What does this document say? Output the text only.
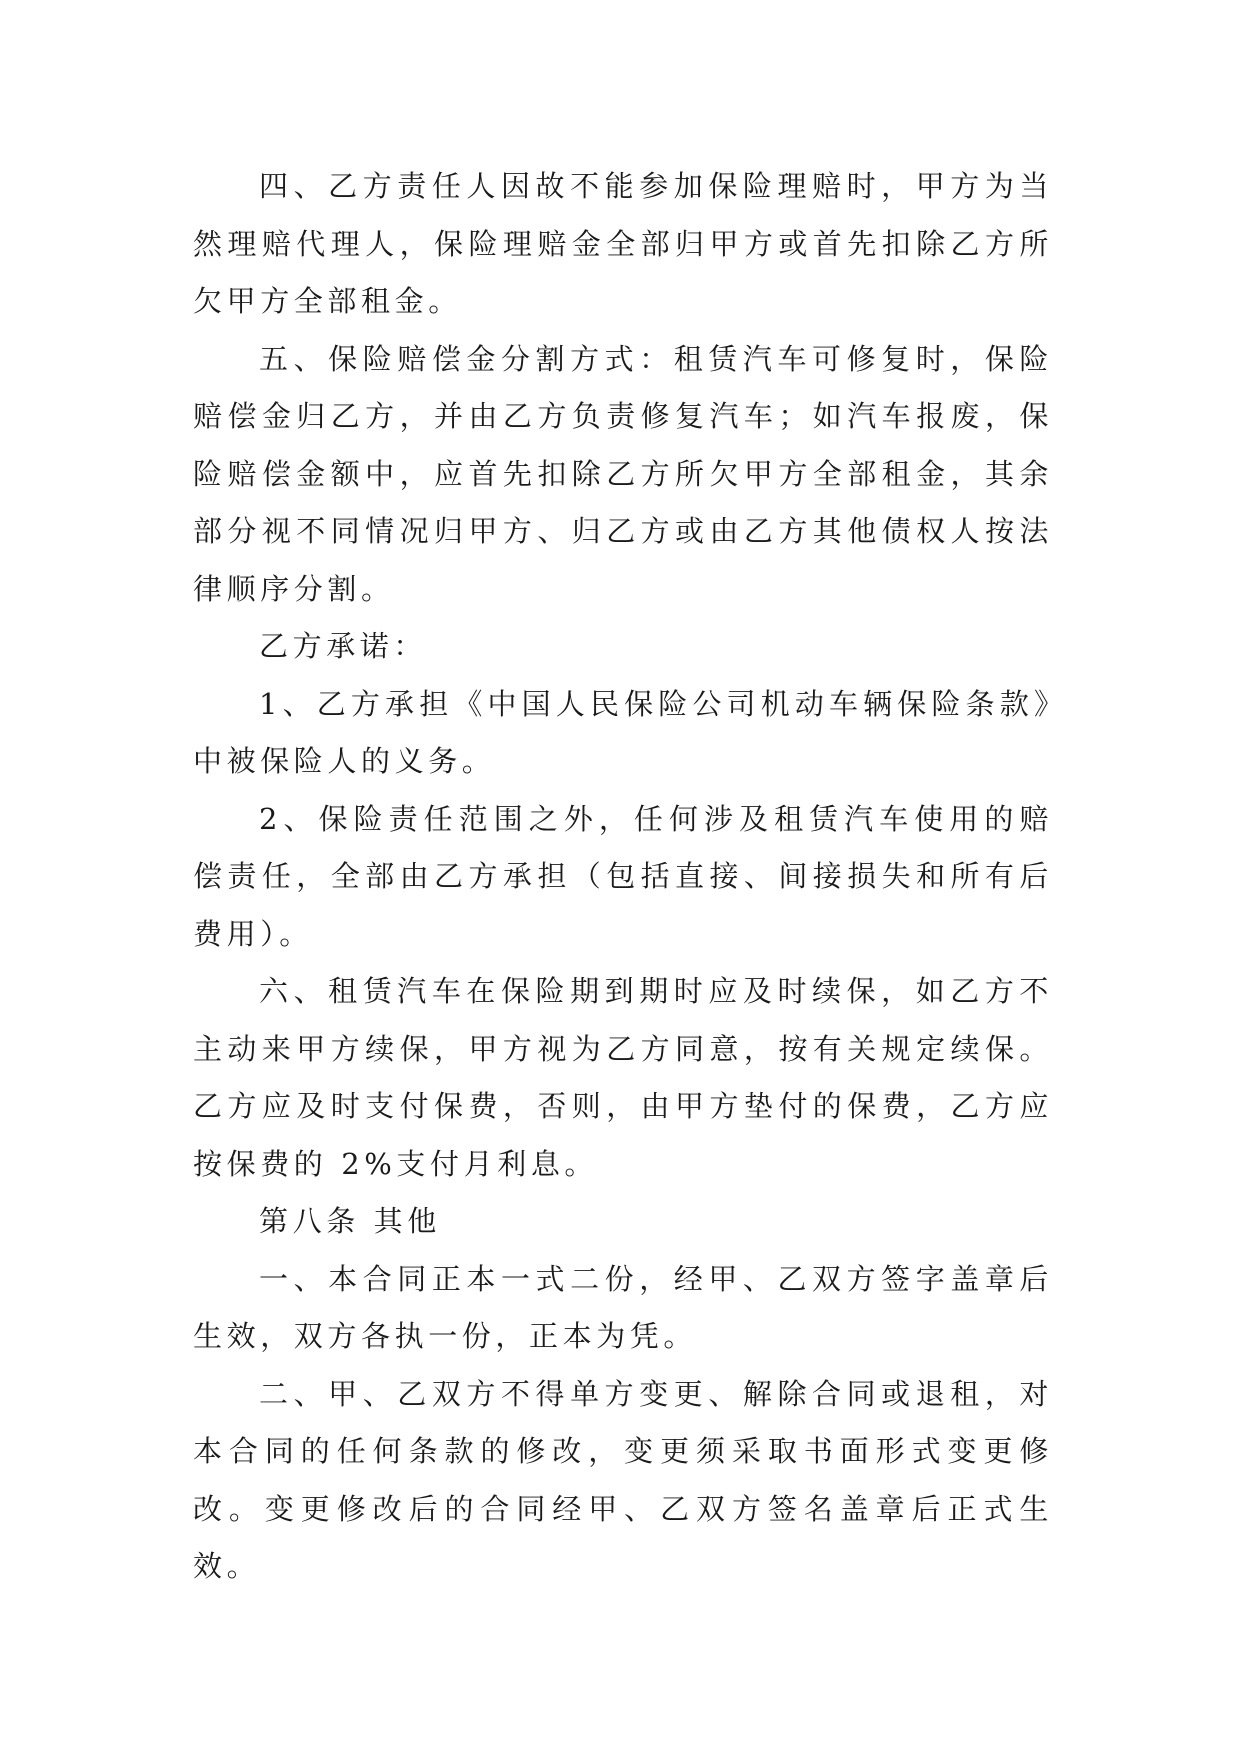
四、乙方责任人因故不能参加保险理赔时，甲方为当然理赔代理人，保险理赔金全部归甲方或首先扣除乙方所欠甲方全部租金。

五、保险赔偿金分割方式：租赁汽车可修复时，保险赔偿金归乙方，并由乙方负责修复汽车；如汽车报废，保险赔偿金额中，应首先扣除乙方所欠甲方全部租金，其余部分视不同情况归甲方、归乙方或由乙方其他债权人按法律顺序分割。

乙方承诺：

1、乙方承担《中国人民保险公司机动车辆保险条款》中被保险人的义务。

2、保险责任范围之外，任何涉及租赁汽车使用的赔偿责任，全部由乙方承担（包括直接、间接损失和所有后费用）。

六、租赁汽车在保险期到期时应及时续保，如乙方不主动来甲方续保，甲方视为乙方同意，按有关规定续保。乙方应及时支付保费，否则，由甲方垫付的保费，乙方应按保费的 2%支付月利息。

第八条 其他

一、本合同正本一式二份，经甲、乙双方签字盖章后生效，双方各执一份，正本为凭。

二、甲、乙双方不得单方变更、解除合同或退租，对本合同的任何条款的修改，变更须采取书面形式变更修改。变更修改后的合同经甲、乙双方签名盖章后正式生效。
